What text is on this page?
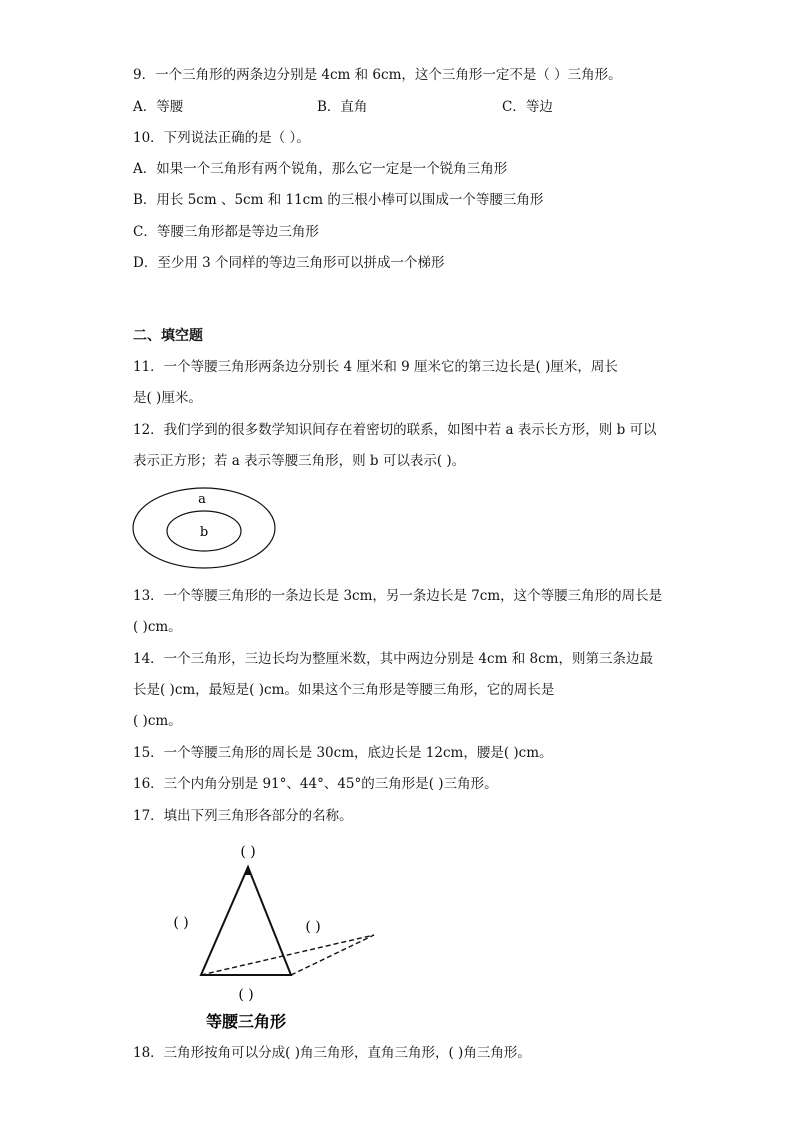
9．一个三角形的两条边分别是 4cm 和 6cm，这个三角形一定不是（ ）三角形。
A．等腰	B．直角	C．等边
10．下列说法正确的是（ ）。
A．如果一个三角形有两个锐角，那么它一定是一个锐角三角形
B．用长 5cm 、5cm 和 11cm 的三根小棒可以围成一个等腰三角形
C．等腰三角形都是等边三角形
D．至少用 3 个同样的等边三角形可以拼成一个梯形
二、填空题
11．一个等腰三角形两条边分别长 4 厘米和 9 厘米它的第三边长是( )厘米，周长
是( )厘米。
12．我们学到的很多数学知识间存在着密切的联系，如图中若 a 表示长方形，则 b 可以
表示正方形；若 a 表示等腰三角形，则 b 可以表示( )。
a
b
13．一个等腰三角形的一条边长是 3cm，另一条边长是 7cm，这个等腰三角形的周长是
( )cm。
14．一个三角形，三边长均为整厘米数，其中两边分别是 4cm 和 8cm，则第三条边最
长是( )cm，最短是( )cm。如果这个三角形是等腰三角形，它的周长是
( )cm。
15．一个等腰三角形的周长是 30cm，底边长是 12cm，腰是( )cm。
16．三个内角分别是 91°、44°、45°的三角形是( )三角形。
17．填出下列三角形各部分的名称。
( )
( )	( )
( )
等腰三角形
18．三角形按角可以分成( )角三角形，直角三角形，( )角三角形。
